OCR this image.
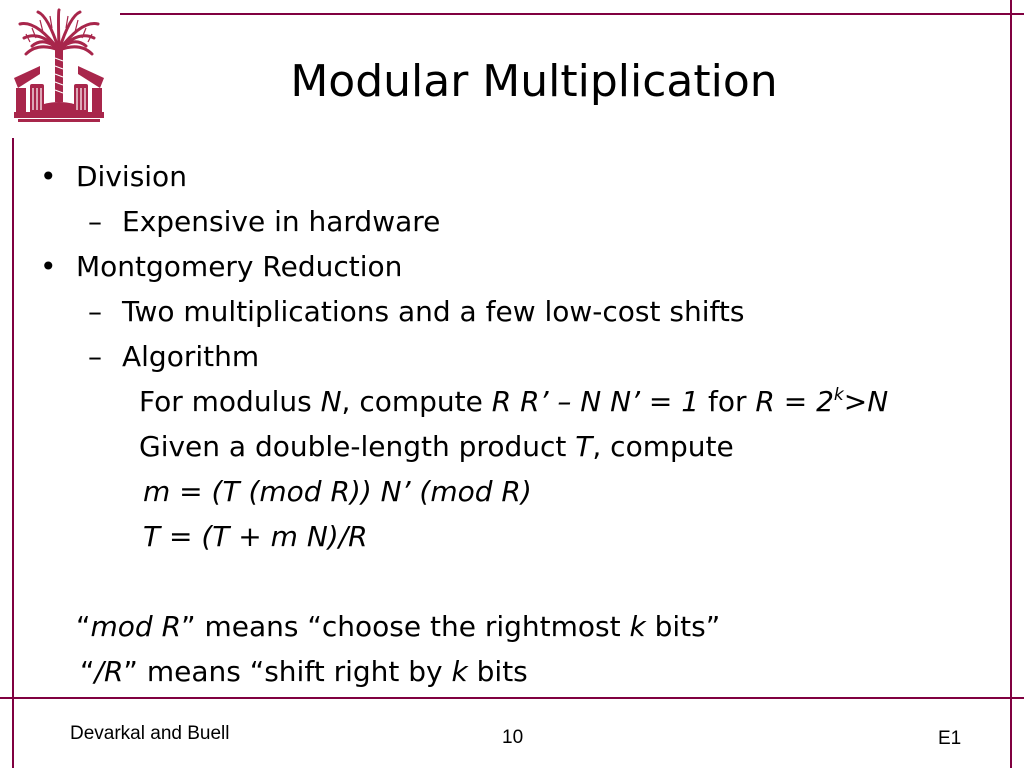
Modular Multiplication
• Division
– Expensive in hardware
• Montgomery Reduction
– Two multiplications and a few low-cost shifts
– Algorithm
For modulus N, compute R R’ – N N’ = 1 for $R = 2^k>N$
Given a double-length product T, compute
m = (T (mod R)) N’ (mod R)
T = (T + m N)/R
“mod R” means “choose the rightmost k bits”
“/R” means “shift right by k bits
Devarkal and Buell	10	E1
